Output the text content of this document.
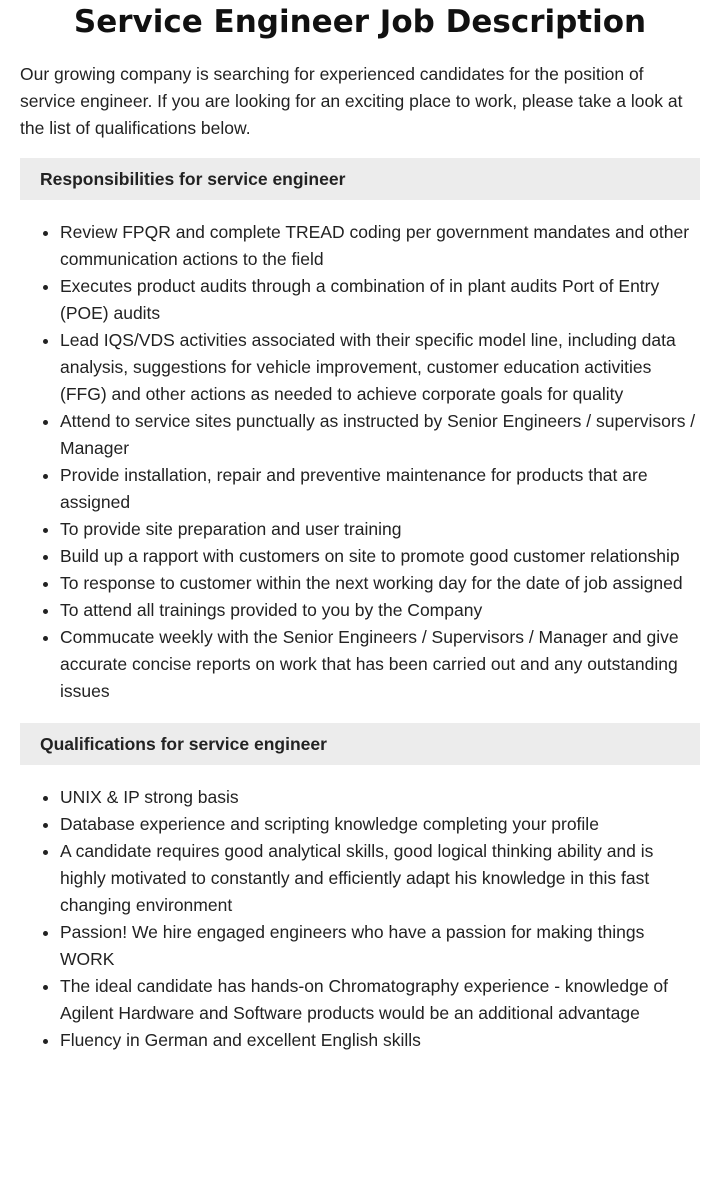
Service Engineer Job Description

Our growing company is searching for experienced candidates for the position of service engineer. If you are looking for an exciting place to work, please take a look at the list of qualifications below.

Responsibilities for service engineer
• Review FPQR and complete TREAD coding per government mandates and other communication actions to the field
• Executes product audits through a combination of in plant audits Port of Entry (POE) audits
• Lead IQS/VDS activities associated with their specific model line, including data analysis, suggestions for vehicle improvement, customer education activities (FFG) and other actions as needed to achieve corporate goals for quality
• Attend to service sites punctually as instructed by Senior Engineers / supervisors / Manager
• Provide installation, repair and preventive maintenance for products that are assigned
• To provide site preparation and user training
• Build up a rapport with customers on site to promote good customer relationship
• To response to customer within the next working day for the date of job assigned
• To attend all trainings provided to you by the Company
• Commucate weekly with the Senior Engineers / Supervisors / Manager and give accurate concise reports on work that has been carried out and any outstanding issues
Qualifications for service engineer
• UNIX & IP strong basis
• Database experience and scripting knowledge completing your profile
• A candidate requires good analytical skills, good logical thinking ability and is highly motivated to constantly and efficiently adapt his knowledge in this fast changing environment
• Passion! We hire engaged engineers who have a passion for making things WORK
• The ideal candidate has hands-on Chromatography experience - knowledge of Agilent Hardware and Software products would be an additional advantage
• Fluency in German and excellent English skills
